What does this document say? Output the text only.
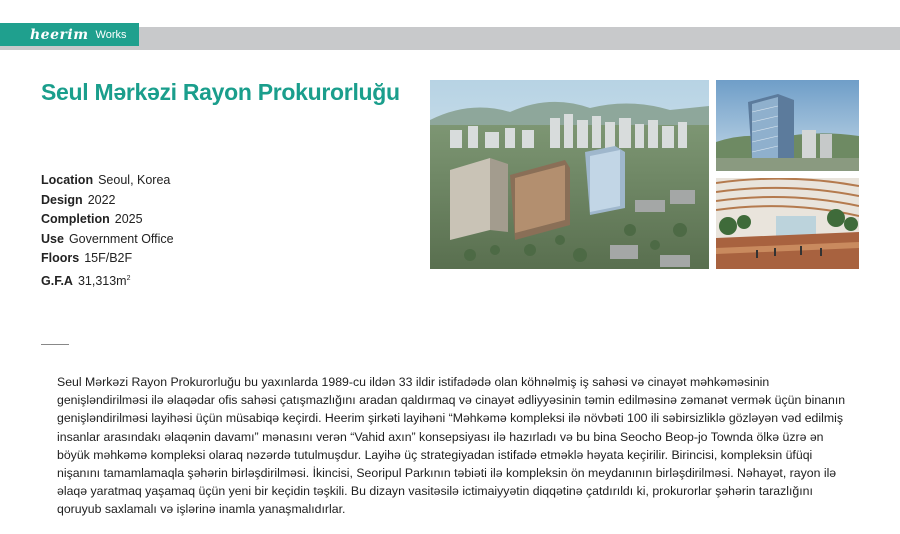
heerim Works
Seul Mərkəzi Rayon Prokurorluğu
Location Seoul, Korea
Design 2022
Completion 2025
Use Government Office
Floors 15F/B2F
G.F.A $31,313m^2$

Seul Mərkəzi Rayon Prokurorluğu bu yaxınlarda 1989-cu ildən 33 ildir istifadədə olan köhnəlmiş iş sahəsi və cinayət məhkəməsinin genişləndirilməsi ilə əlaqədar ofis sahəsi çatışmazlığını aradan qaldırmaq və cinayət ədliyyəsinin təmin edilməsinə zəmanət vermək üçün binanın genişləndirilməsi layihəsi üçün müsabiqə keçirdi. Heerim şirkəti layihəni “Məhkəmə kompleksi ilə növbəti 100 ili səbirsizliklə gözləyən vəd edilmiş insanlar arasındakı əlaqənin davamı” mənasını verən “Vahid axın” konsepsiyası ilə hazırladı və bu bina Seocho Beop-jo Townda ölkə üzrə ən böyük məhkəmə kompleksi olaraq nəzərdə tutulmuşdur. Layihə üç strategiyadan istifadə etməklə həyata keçirilir. Birincisi, kompleksin üfüqi nişanını tamamlamaqla şəhərin birləşdirilməsi. İkincisi, Seoripul Parkının təbiəti ilə kompleksin ön meydanının birləşdirilməsi. Nəhayət, rayon ilə əlaqə yaratmaq yaşamaq üçün yeni bir keçidin təşkili. Bu dizayn vasitəsilə ictimaiyyətin diqqətinə çatdırıldı ki, prokurorlar şəhərin tarazlığını qoruyub saxlamalı və işlərinə inamla yanaşmalıdırlar.
